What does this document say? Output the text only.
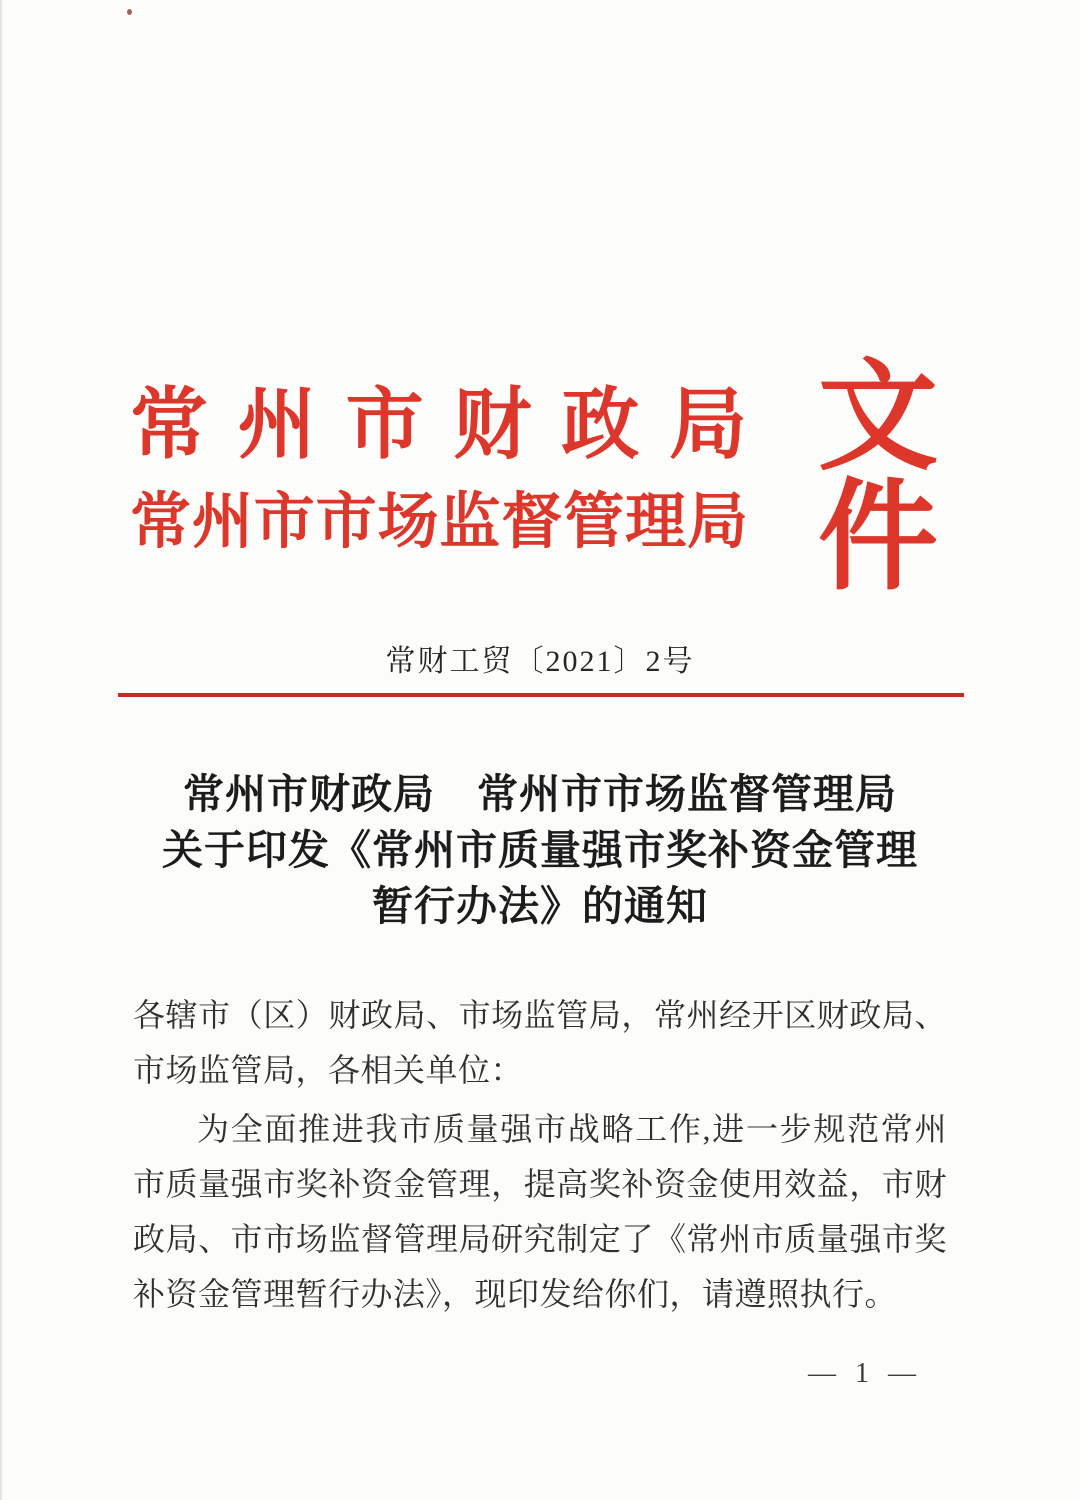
常 州 市 财 政 局
常州市市场监督管理局
文件
常财工贸〔2021〕2号
常州市财政局　常州市市场监督管理局
关于印发《常州市质量强市奖补资金管理
暂行办法》的通知

各辖市（区）财政局、市场监管局，常州经开区财政局、市场监管局，各相关单位：

为全面推进我市质量强市战略工作,进一步规范常州市质量强市奖补资金管理，提高奖补资金使用效益，市财政局、市市场监督管理局研究制定了《常州市质量强市奖补资金管理暂行办法》，现印发给你们，请遵照执行。

— 1 —
